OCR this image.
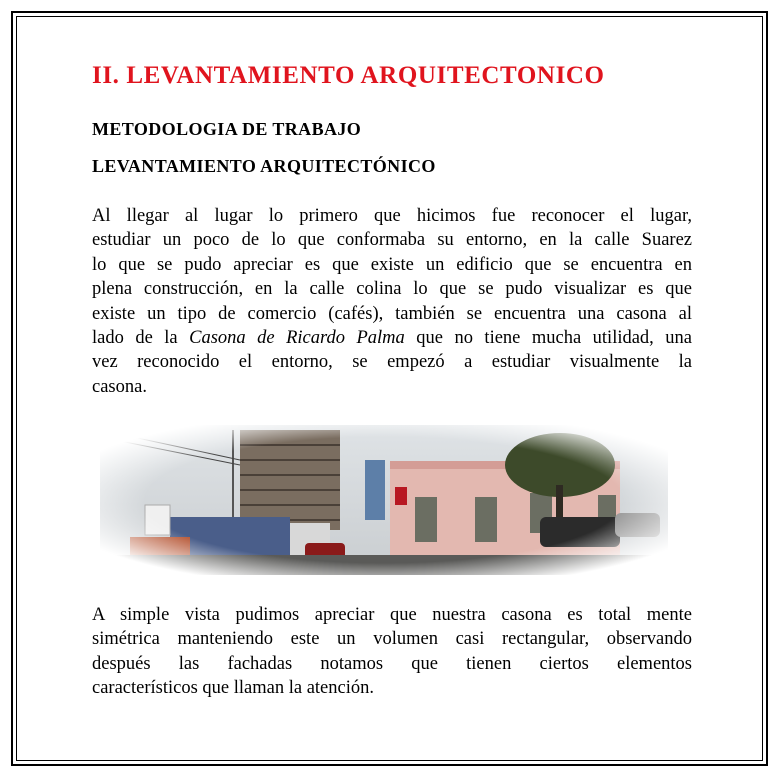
II. LEVANTAMIENTO ARQUITECTONICO
METODOLOGIA DE TRABAJO
LEVANTAMIENTO ARQUITECTÓNICO

Al llegar al lugar lo primero que hicimos fue reconocer el lugar,
estudiar un poco de lo que conformaba su entorno, en la calle Suarez
lo que se pudo apreciar es que existe un edificio que se encuentra en
plena construcción, en la calle colina lo que se pudo visualizar es que
existe un tipo de comercio (cafés), también se encuentra una casona al
lado de la Casona de Ricardo Palma que no tiene mucha utilidad, una
vez reconocido el entorno, se empezó a estudiar visualmente la
casona.

A simple vista pudimos apreciar que nuestra casona es total mente
simétrica manteniendo este un volumen casi rectangular, observando
después las fachadas notamos que tienen ciertos elementos
característicos que llaman la atención.
